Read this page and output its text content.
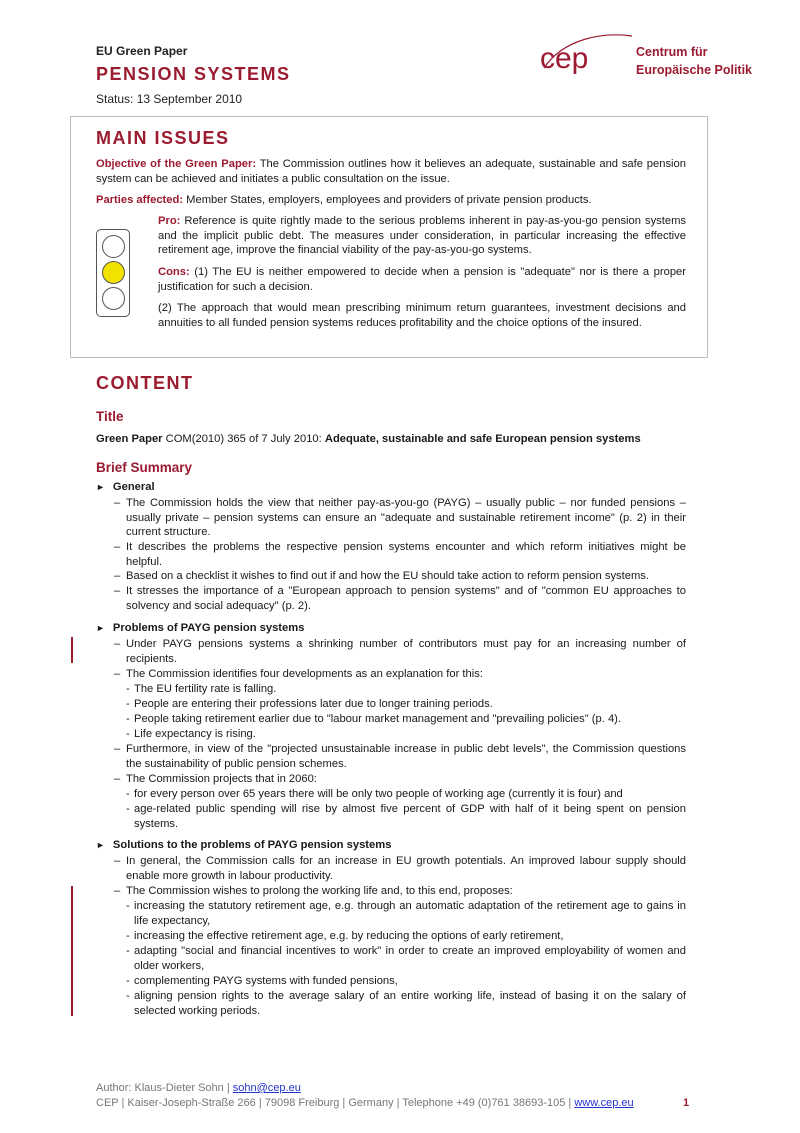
EU Green Paper
PENSION SYSTEMS
Status: 13 September 2010
cep	Centrum für
Europäische Politik
MAIN ISSUES
Objective of the Green Paper: The Commission outlines how it believes an adequate, sustainable and safe pension system can be achieved and initiates a public consultation on the issue.
Parties affected: Member States, employers, employees and providers of private pension products.
Pro: Reference is quite rightly made to the serious problems inherent in pay-as-you-go pension systems and the implicit public debt. The measures under consideration, in particular increasing the effective retirement age, improve the financial viability of the pay-as-you-go systems.
Cons: (1) The EU is neither empowered to decide when a pension is "adequate" nor is there a proper justification for such a decision.
(2) The approach that would mean prescribing minimum return guarantees, investment decisions and annuities to all funded pension systems reduces profitability and the choice options of the insured.
CONTENT
Title
Green Paper COM(2010) 365 of 7 July 2010: Adequate, sustainable and safe European pension systems
Brief Summary
► General
– The Commission holds the view that neither pay-as-you-go (PAYG) – usually public – nor funded pensions – usually private – pension systems can ensure an "adequate and sustainable retirement income" (p. 2) in their current structure.
– It describes the problems the respective pension systems encounter and which reform initiatives might be helpful.
– Based on a checklist it wishes to find out if and how the EU should take action to reform pension systems.
– It stresses the importance of a "European approach to pension systems" and of "common EU approaches to solvency and social adequacy" (p. 2).
► Problems of PAYG pension systems
– Under PAYG pensions systems a shrinking number of contributors must pay for an increasing number of recipients.
– The Commission identifies four developments as an explanation for this:
- The EU fertility rate is falling.
- People are entering their professions later due to longer training periods.
- People taking retirement earlier due to "labour market management and "prevailing policies" (p. 4).
- Life expectancy is rising.
– Furthermore, in view of the "projected unsustainable increase in public debt levels", the Commission questions the sustainability of public pension schemes.
– The Commission projects that in 2060:
- for every person over 65 years there will be only two people of working age (currently it is four) and
- age-related public spending will rise by almost five percent of GDP with half of it being spent on pension systems.
► Solutions to the problems of PAYG pension systems
– In general, the Commission calls for an increase in EU growth potentials. An improved labour supply should enable more growth in labour productivity.
– The Commission wishes to prolong the working life and, to this end, proposes:
- increasing the statutory retirement age, e.g. through an automatic adaptation of the retirement age to gains in life expectancy,
- increasing the effective retirement age, e.g. by reducing the options of early retirement,
- adapting "social and financial incentives to work" in order to create an improved employability of women and older workers,
- complementing PAYG systems with funded pensions,
- aligning pension rights to the average salary of an entire working life, instead of basing it on the salary of selected working periods.
Author: Klaus-Dieter Sohn | sohn@cep.eu
CEP | Kaiser-Joseph-Straße 266 | 79098 Freiburg | Germany | Telephone +49 (0)761 38693-105 | www.cep.eu	1
